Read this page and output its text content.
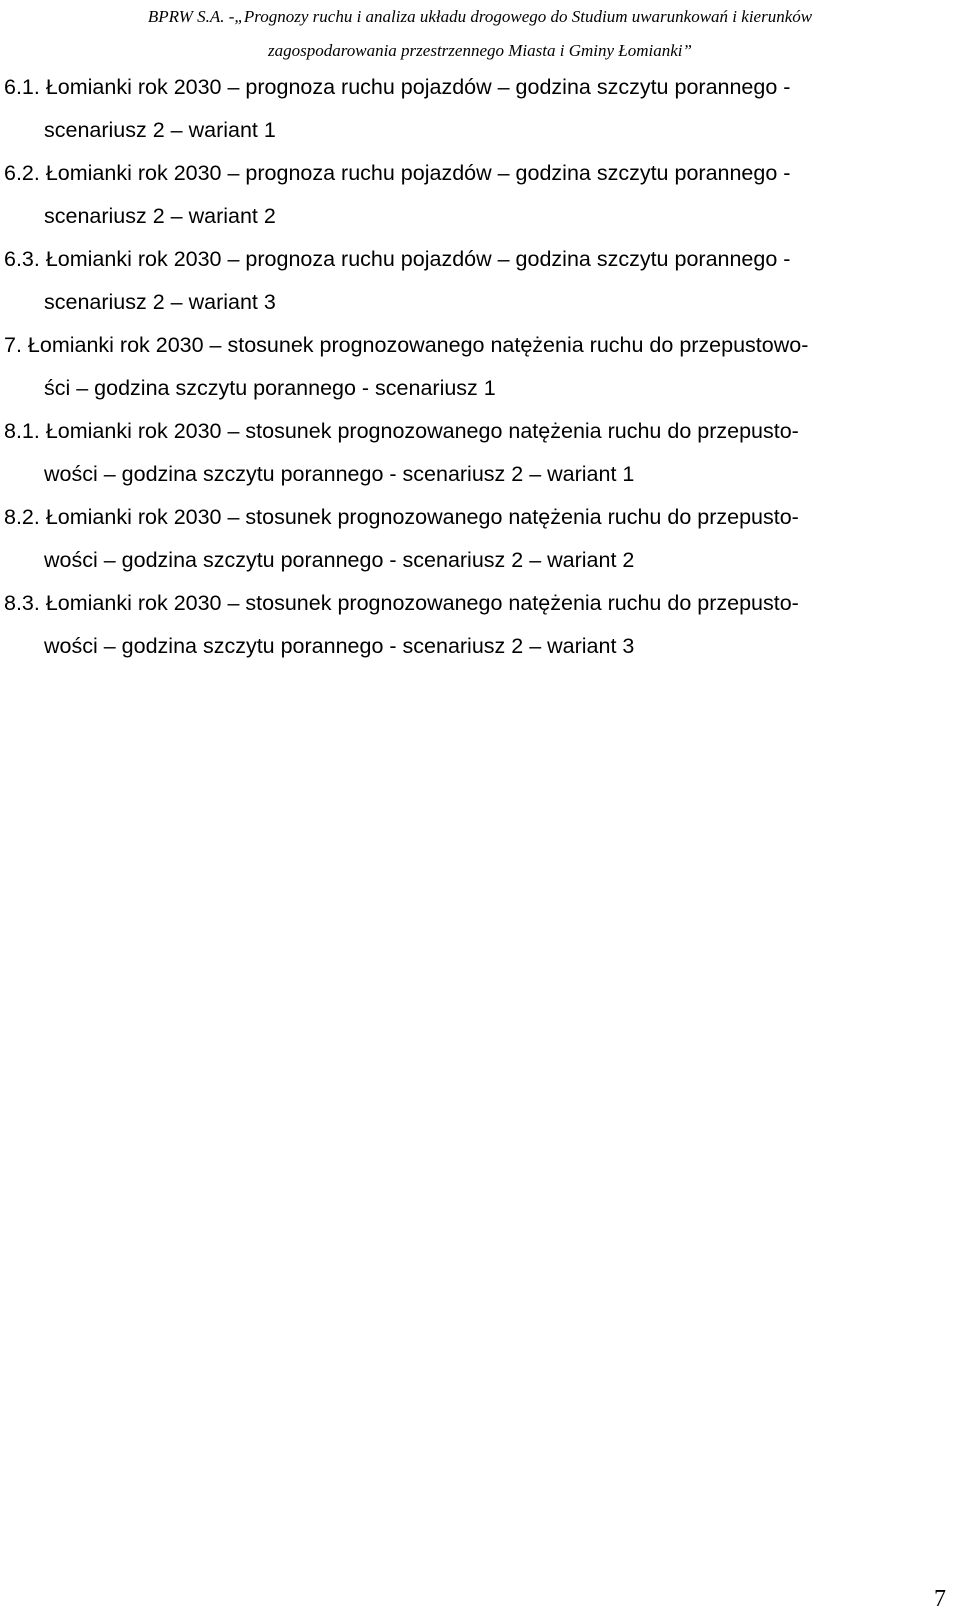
BPRW S.A. -„Prognozy ruchu i analiza układu drogowego do Studium uwarunkowań i kierunków
zagospodarowania przestrzennego Miasta i Gminy Łomianki”
6.1. Łomianki rok 2030 – prognoza ruchu pojazdów – godzina szczytu porannego -
scenariusz 2 – wariant 1
6.2. Łomianki rok 2030 – prognoza ruchu pojazdów – godzina szczytu porannego -
scenariusz 2 – wariant 2
6.3. Łomianki rok 2030 – prognoza ruchu pojazdów – godzina szczytu porannego -
scenariusz 2 – wariant 3
7. Łomianki rok 2030 – stosunek prognozowanego natężenia ruchu do przepustowo-
ści – godzina szczytu porannego - scenariusz 1
8.1. Łomianki rok 2030 – stosunek prognozowanego natężenia ruchu do przepusto-
wości – godzina szczytu porannego - scenariusz 2 – wariant 1
8.2. Łomianki rok 2030 – stosunek prognozowanego natężenia ruchu do przepusto-
wości – godzina szczytu porannego - scenariusz 2 – wariant 2
8.3. Łomianki rok 2030 – stosunek prognozowanego natężenia ruchu do przepusto-
wości – godzina szczytu porannego - scenariusz 2 – wariant 3
7
